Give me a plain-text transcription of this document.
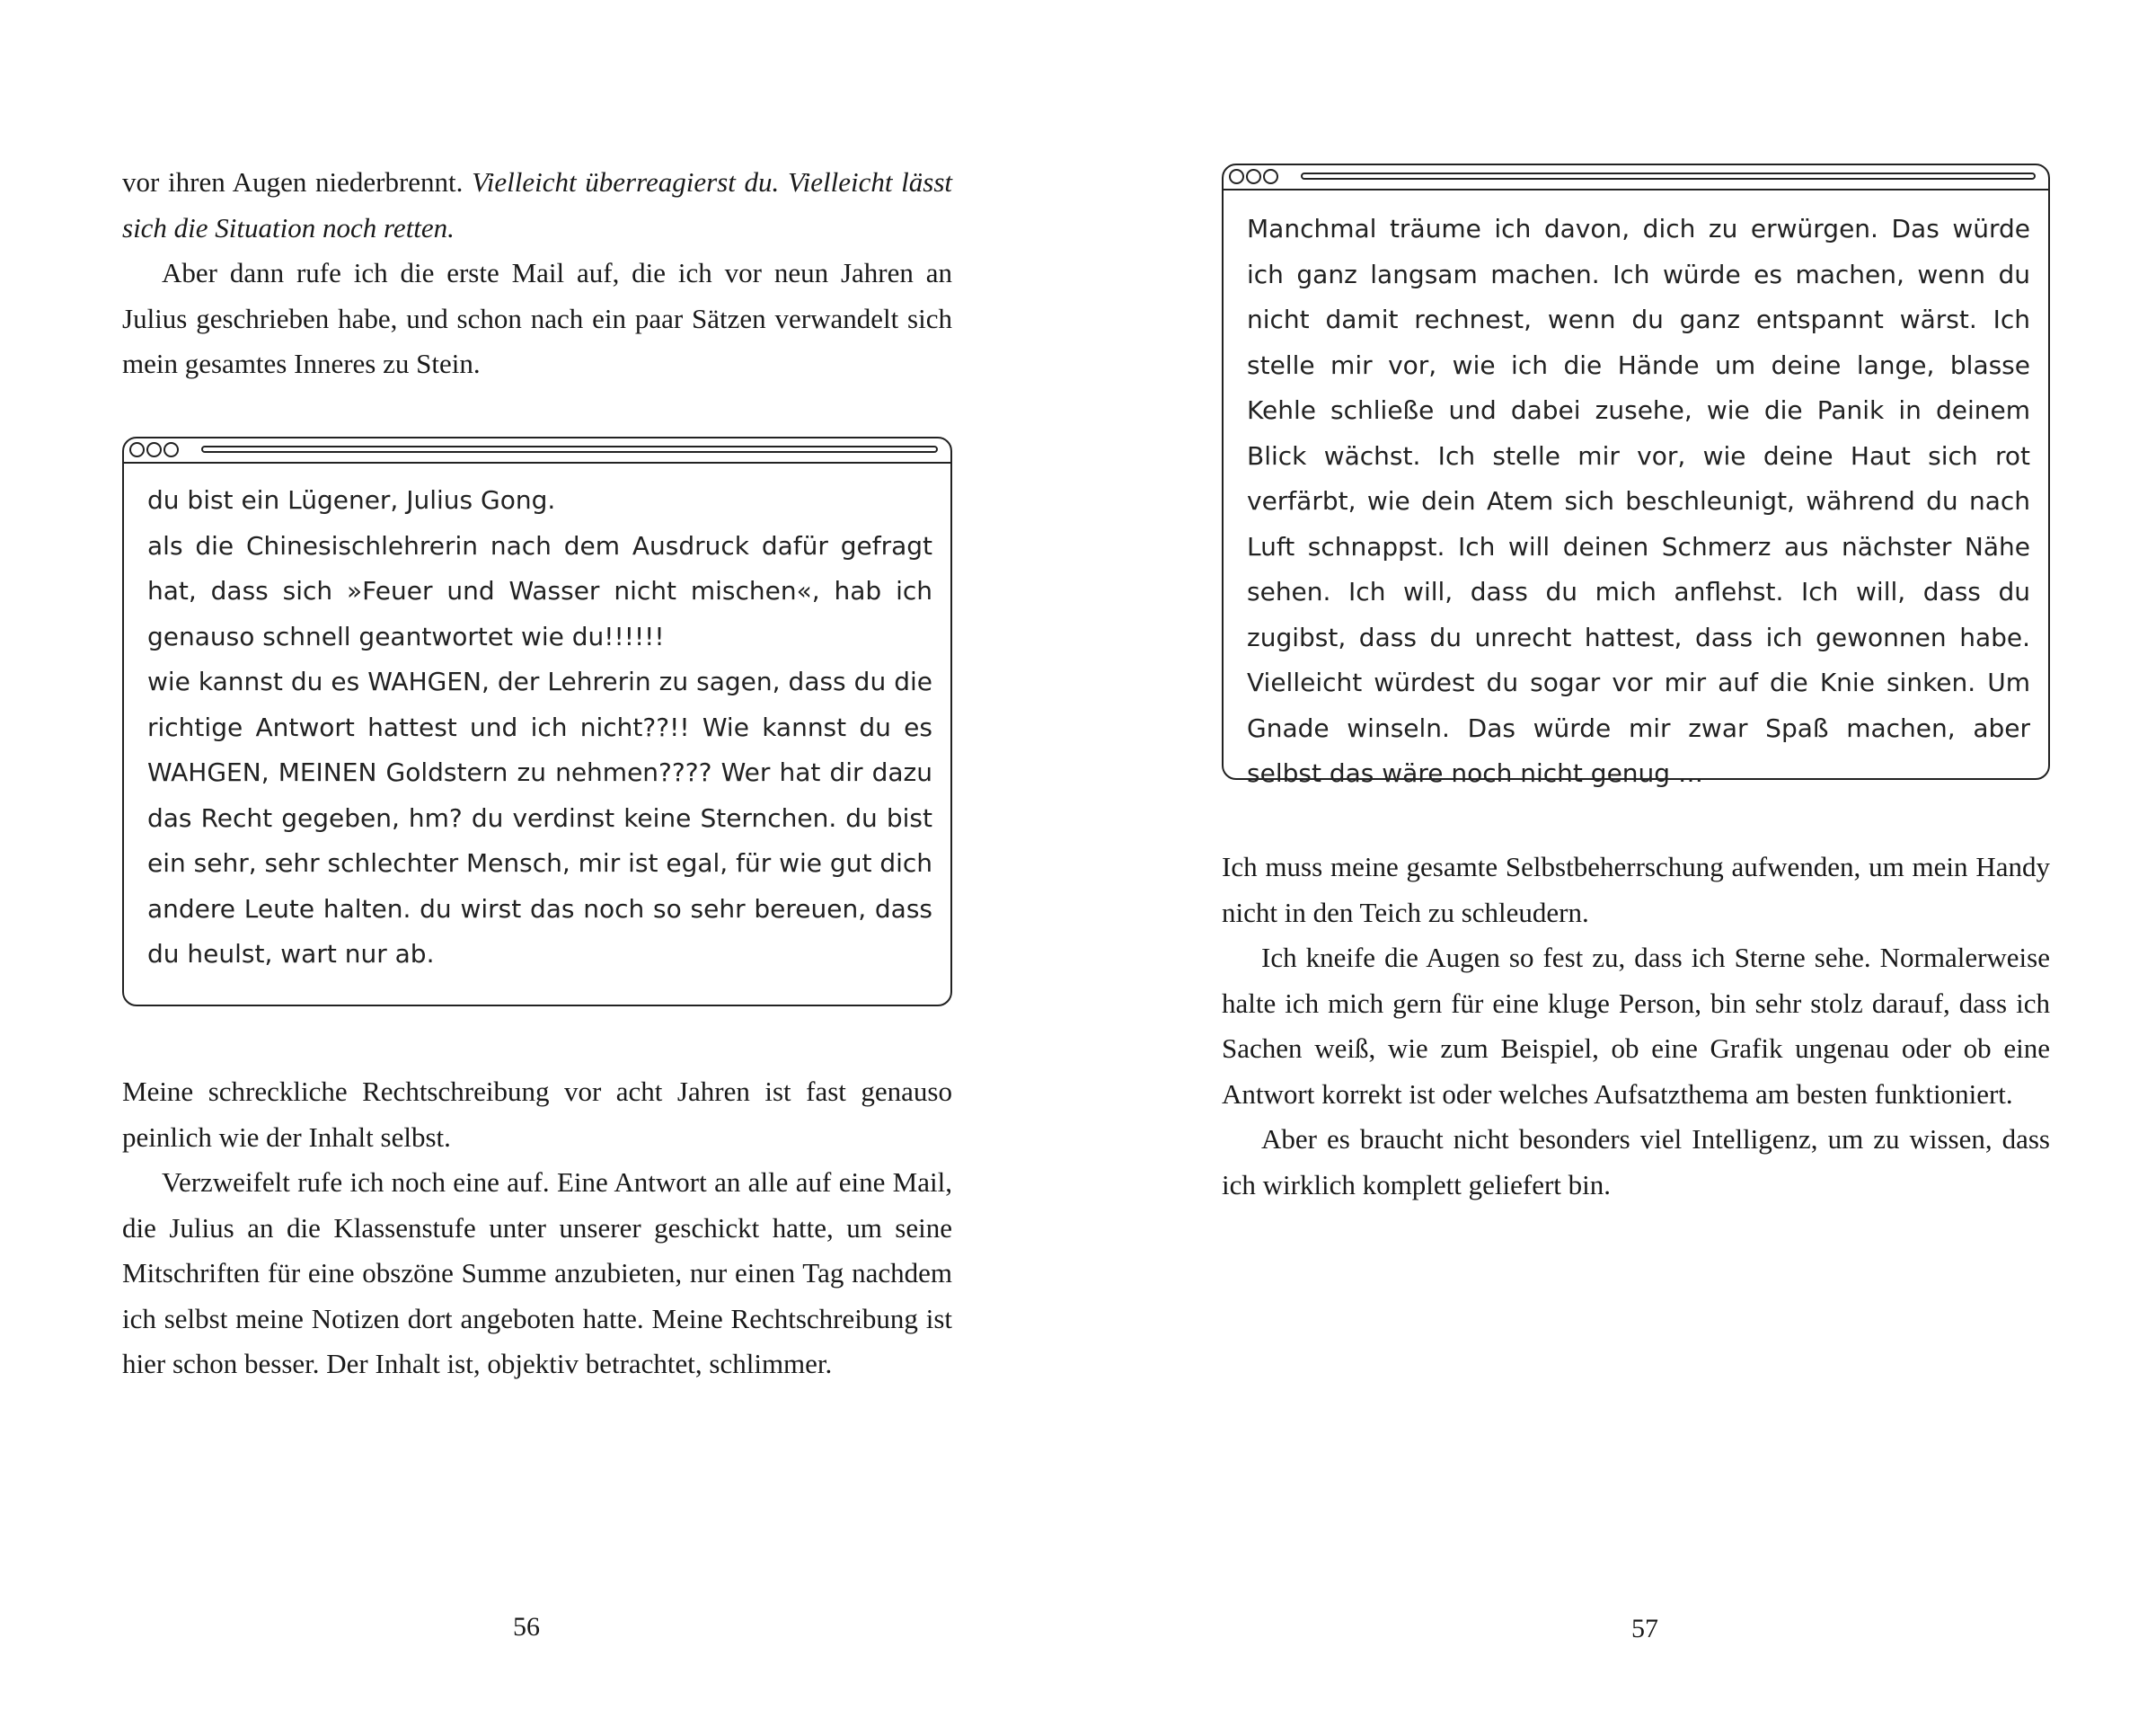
vor ihren Augen niederbrennt. Vielleicht überreagierst du. Vielleicht lässt sich die Situation noch retten.

Aber dann rufe ich die erste Mail auf, die ich vor neun Jahren an Julius geschrieben habe, und schon nach ein paar Sätzen verwandelt sich mein gesamtes Inneres zu Stein.

du bist ein Lügener, Julius Gong.
als die Chinesischlehrerin nach dem Ausdruck dafür gefragt hat, dass sich »Feuer und Wasser nicht mischen«, hab ich genauso schnell geantwortet wie du!!!!!!
wie kannst du es WAHGEN, der Lehrerin zu sagen, dass du die richtige Antwort hattest und ich nicht??!! Wie kannst du es WAHGEN, MEINEN Goldstern zu nehmen???? Wer hat dir dazu das Recht gegeben, hm? du verdinst keine Sternchen. du bist ein sehr, sehr schlechter Mensch, mir ist egal, für wie gut dich andere Leute halten. du wirst das noch so sehr bereuen, dass du heulst, wart nur ab.

Meine schreckliche Rechtschreibung vor acht Jahren ist fast genauso peinlich wie der Inhalt selbst.

Verzweifelt rufe ich noch eine auf. Eine Antwort an alle auf eine Mail, die Julius an die Klassenstufe unter unserer geschickt hatte, um seine Mitschriften für eine obszöne Summe anzubieten, nur einen Tag nachdem ich selbst meine Notizen dort angeboten hatte. Meine Rechtschreibung ist hier schon besser. Der Inhalt ist, objektiv betrachtet, schlimmer.

56
Manchmal träume ich davon, dich zu erwürgen. Das würde ich ganz langsam machen. Ich würde es machen, wenn du nicht damit rechnest, wenn du ganz entspannt wärst. Ich stelle mir vor, wie ich die Hände um deine lange, blasse Kehle schließe und dabei zusehe, wie die Panik in deinem Blick wächst. Ich stelle mir vor, wie deine Haut sich rot verfärbt, wie dein Atem sich beschleunigt, während du nach Luft schnappst. Ich will deinen Schmerz aus nächster Nähe sehen. Ich will, dass du mich anflehst. Ich will, dass du zugibst, dass du unrecht hattest, dass ich gewonnen habe. Vielleicht würdest du sogar vor mir auf die Knie sinken. Um Gnade winseln. Das würde mir zwar Spaß machen, aber selbst das wäre noch nicht genug …

Ich muss meine gesamte Selbstbeherrschung aufwenden, um mein Handy nicht in den Teich zu schleudern.

Ich kneife die Augen so fest zu, dass ich Sterne sehe. Normalerweise halte ich mich gern für eine kluge Person, bin sehr stolz darauf, dass ich Sachen weiß, wie zum Beispiel, ob eine Grafik ungenau oder ob eine Antwort korrekt ist oder welches Aufsatzthema am besten funktioniert.

Aber es braucht nicht besonders viel Intelligenz, um zu wissen, dass ich wirklich komplett geliefert bin.

57
